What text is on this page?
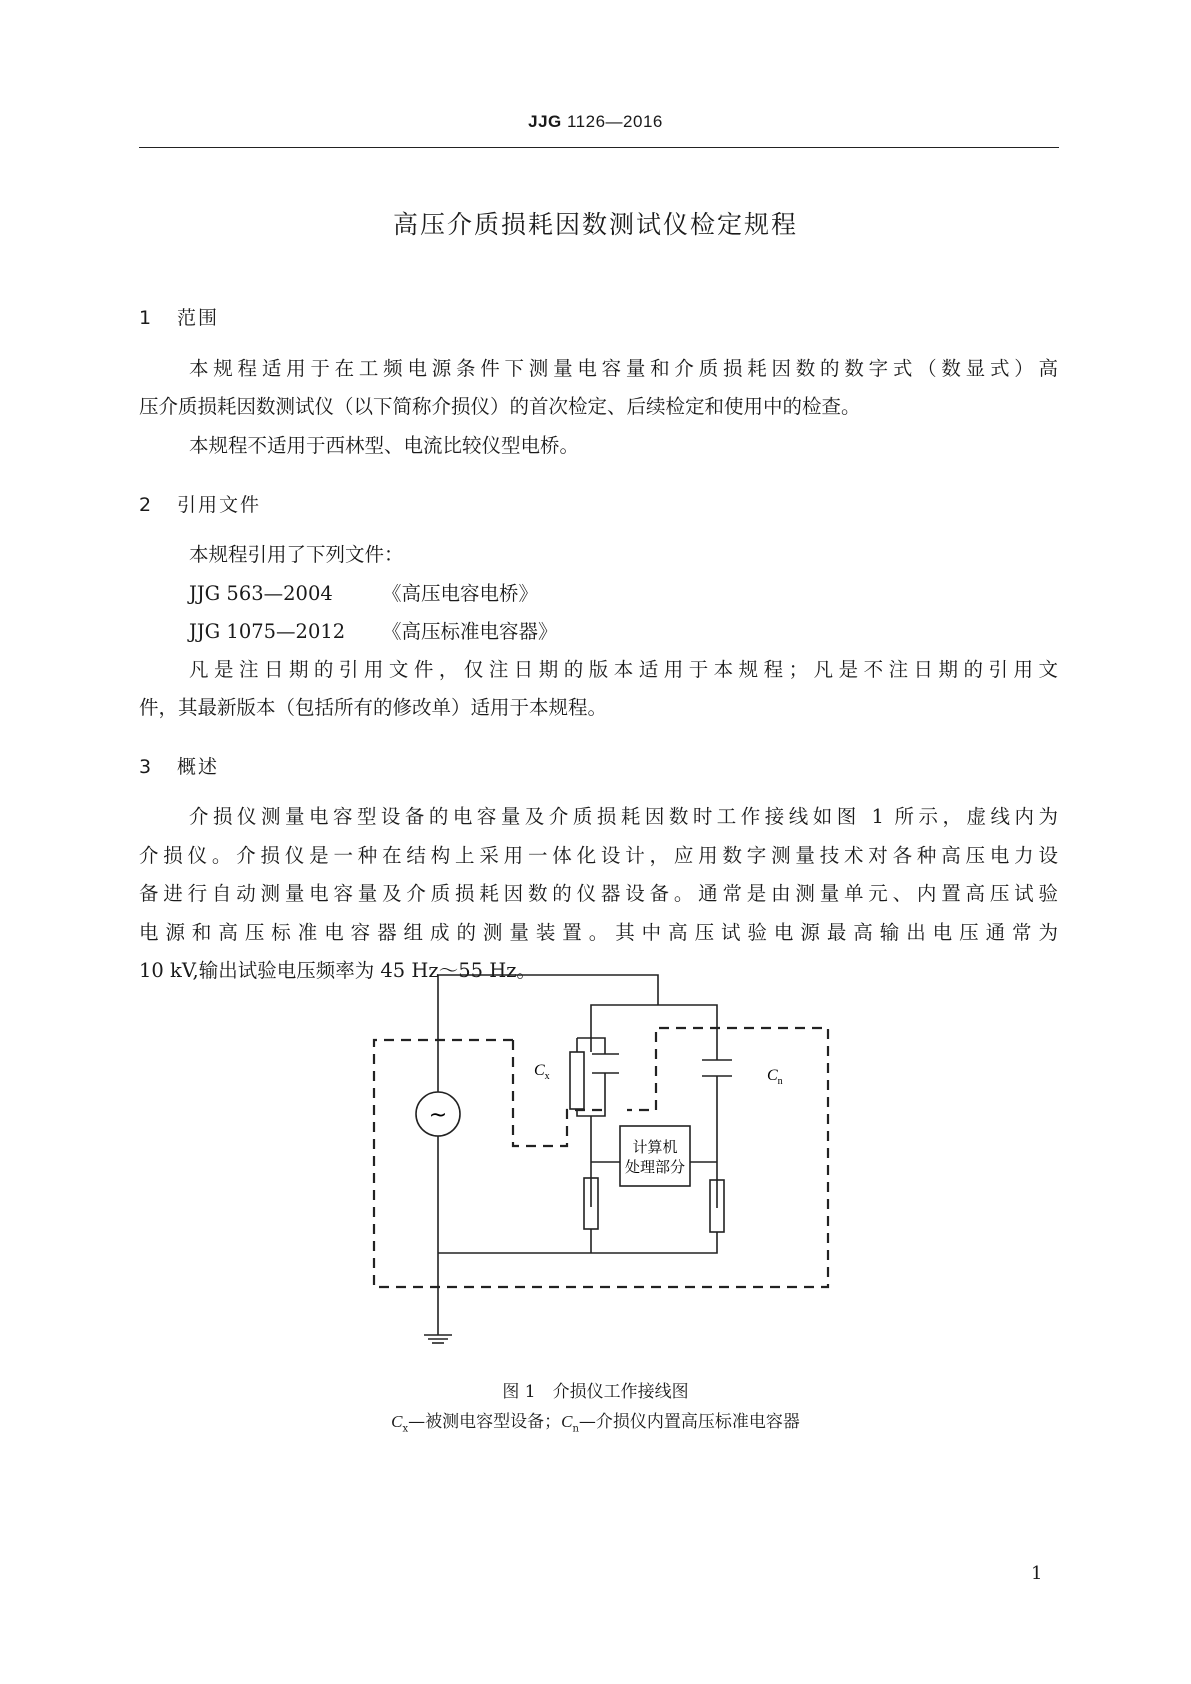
JJG 1126—2016
高压介质损耗因数测试仪检定规程
1 范围
本规程适用于在工频电源条件下测量电容量和介质损耗因数的数字式（数显式）高
压介质损耗因数测试仪（以下简称介损仪）的首次检定、后续检定和使用中的检查。
本规程不适用于西林型、电流比较仪型电桥。
2 引用文件
本规程引用了下列文件：
JJG 563—2004	《高压电容电桥》
JJG 1075—2012 《高压标准电容器》
凡是注日期的引用文件，仅注日期的版本适用于本规程；凡是不注日期的引用文
件，其最新版本（包括所有的修改单）适用于本规程。
3 概述
介损仪测量电容型设备的电容量及介质损耗因数时工作接线如图 1 所示，虚线内为
介损仪。介损仪是一种在结构上采用一体化设计，应用数字测量技术对各种高压电力设
备进行自动测量电容量及介质损耗因数的仪器设备。通常是由测量单元、内置高压试验
电源和高压标准电容器组成的测量装置。其中高压试验电源最高输出电压通常为
10 kV,输出试验电压频率为 45 Hz～55 Hz。
~
$C_x$	$C_n$
计算机
处理部分
图 1　介损仪工作接线图
$C_x—$被测电容型设备；$C_n—$介损仪内置高压标准电容器
1
